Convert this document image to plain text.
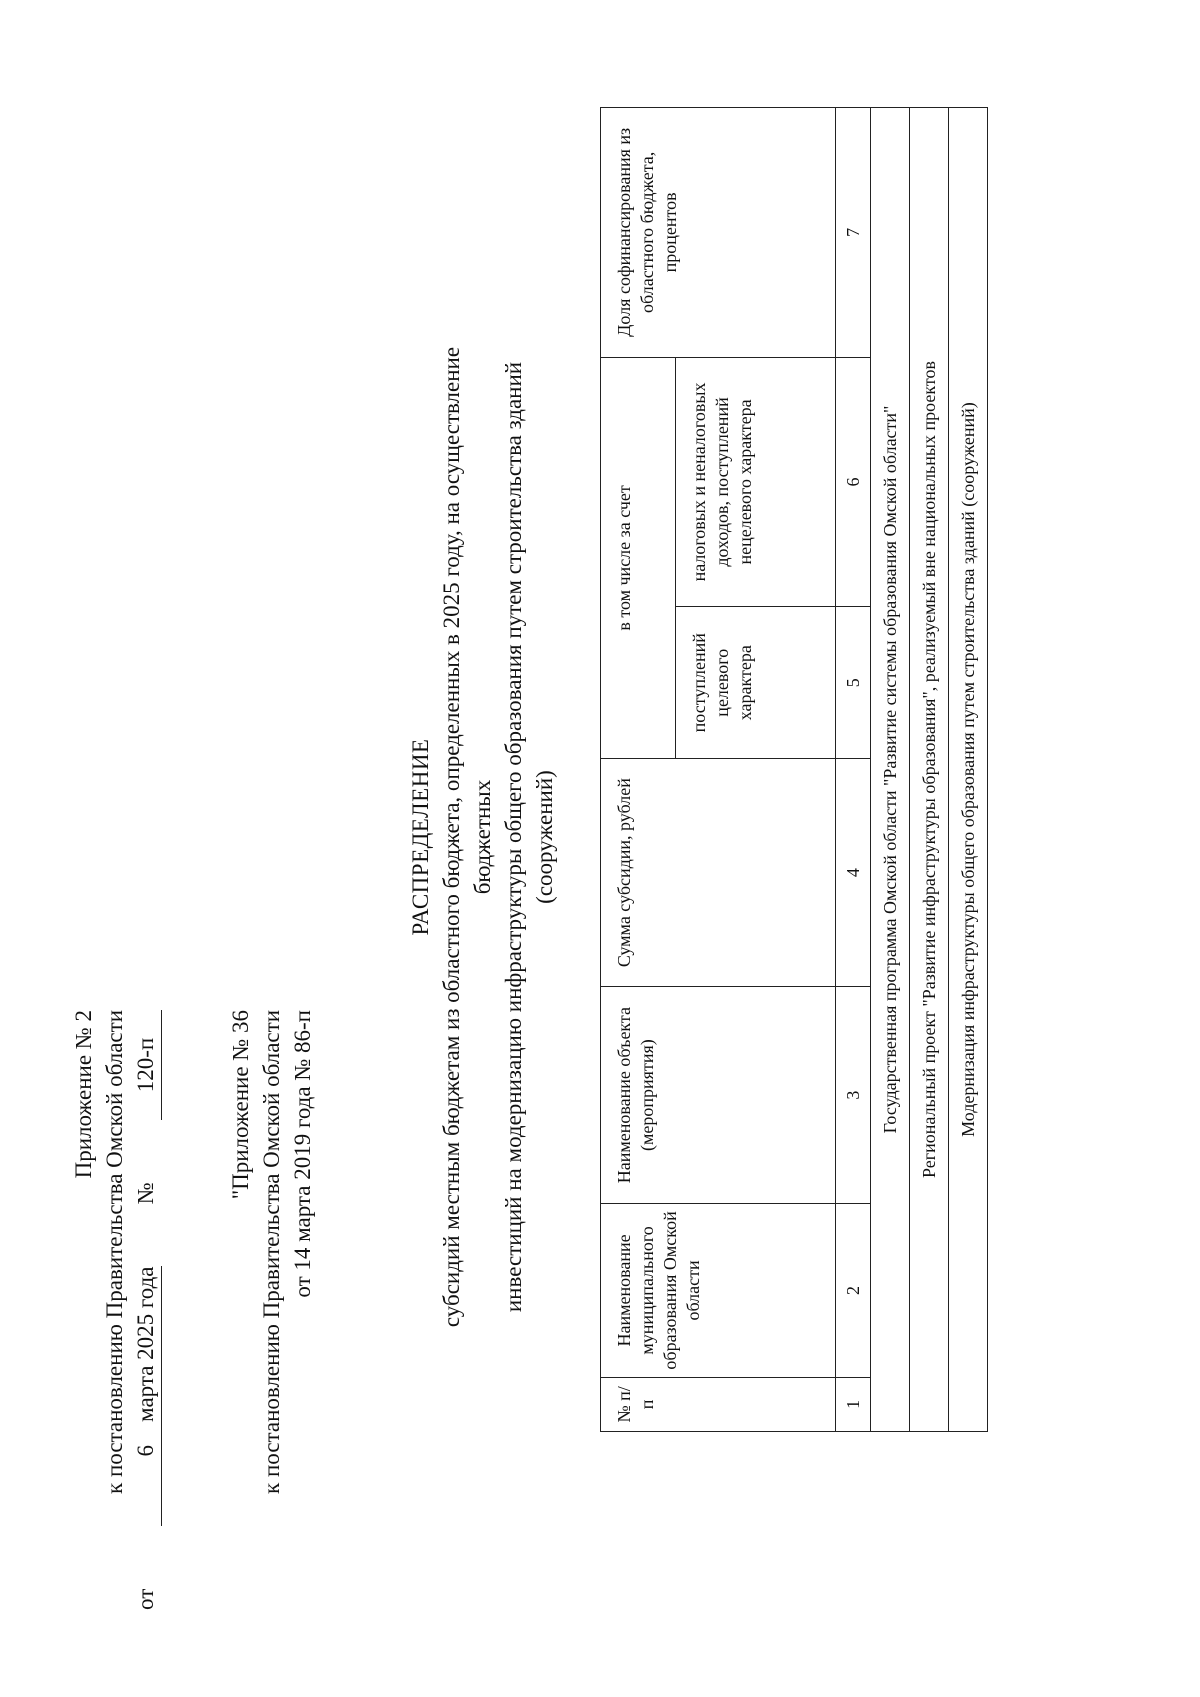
Приложение № 2 к постановлению Правительства Омской области
от
6    марта 2025 года
№
120-п	"Приложение № 36 к постановлению Правительства Омской области от 14 марта 2019 года № 86-п
РАСПРЕДЕЛЕНИЕ субсидий местным бюджетам из областного бюджета, определенных в 2025 году, на осуществление бюджетных инвестиций на модернизацию инфраструктуры общего образования путем строительства зданий (сооружений)
№ п/п	Наименование муниципального образования Омской области	Наименование объекта (мероприятия)	Сумма субсидии, рублей	в том числе за счет		Доля софинансирования из областного бюджета, процентов
				поступлений целевого характера	налоговых и неналоговых доходов, поступлений нецелевого характера	
1	2	3	4	5	6	7
Государственная программа Омской области "Развитие системы образования Омской области"						
Региональный проект "Развитие инфраструктуры образования", реализуемый вне национальных проектов						
Модернизация инфраструктуры общего образования путем строительства зданий (сооружений)						
